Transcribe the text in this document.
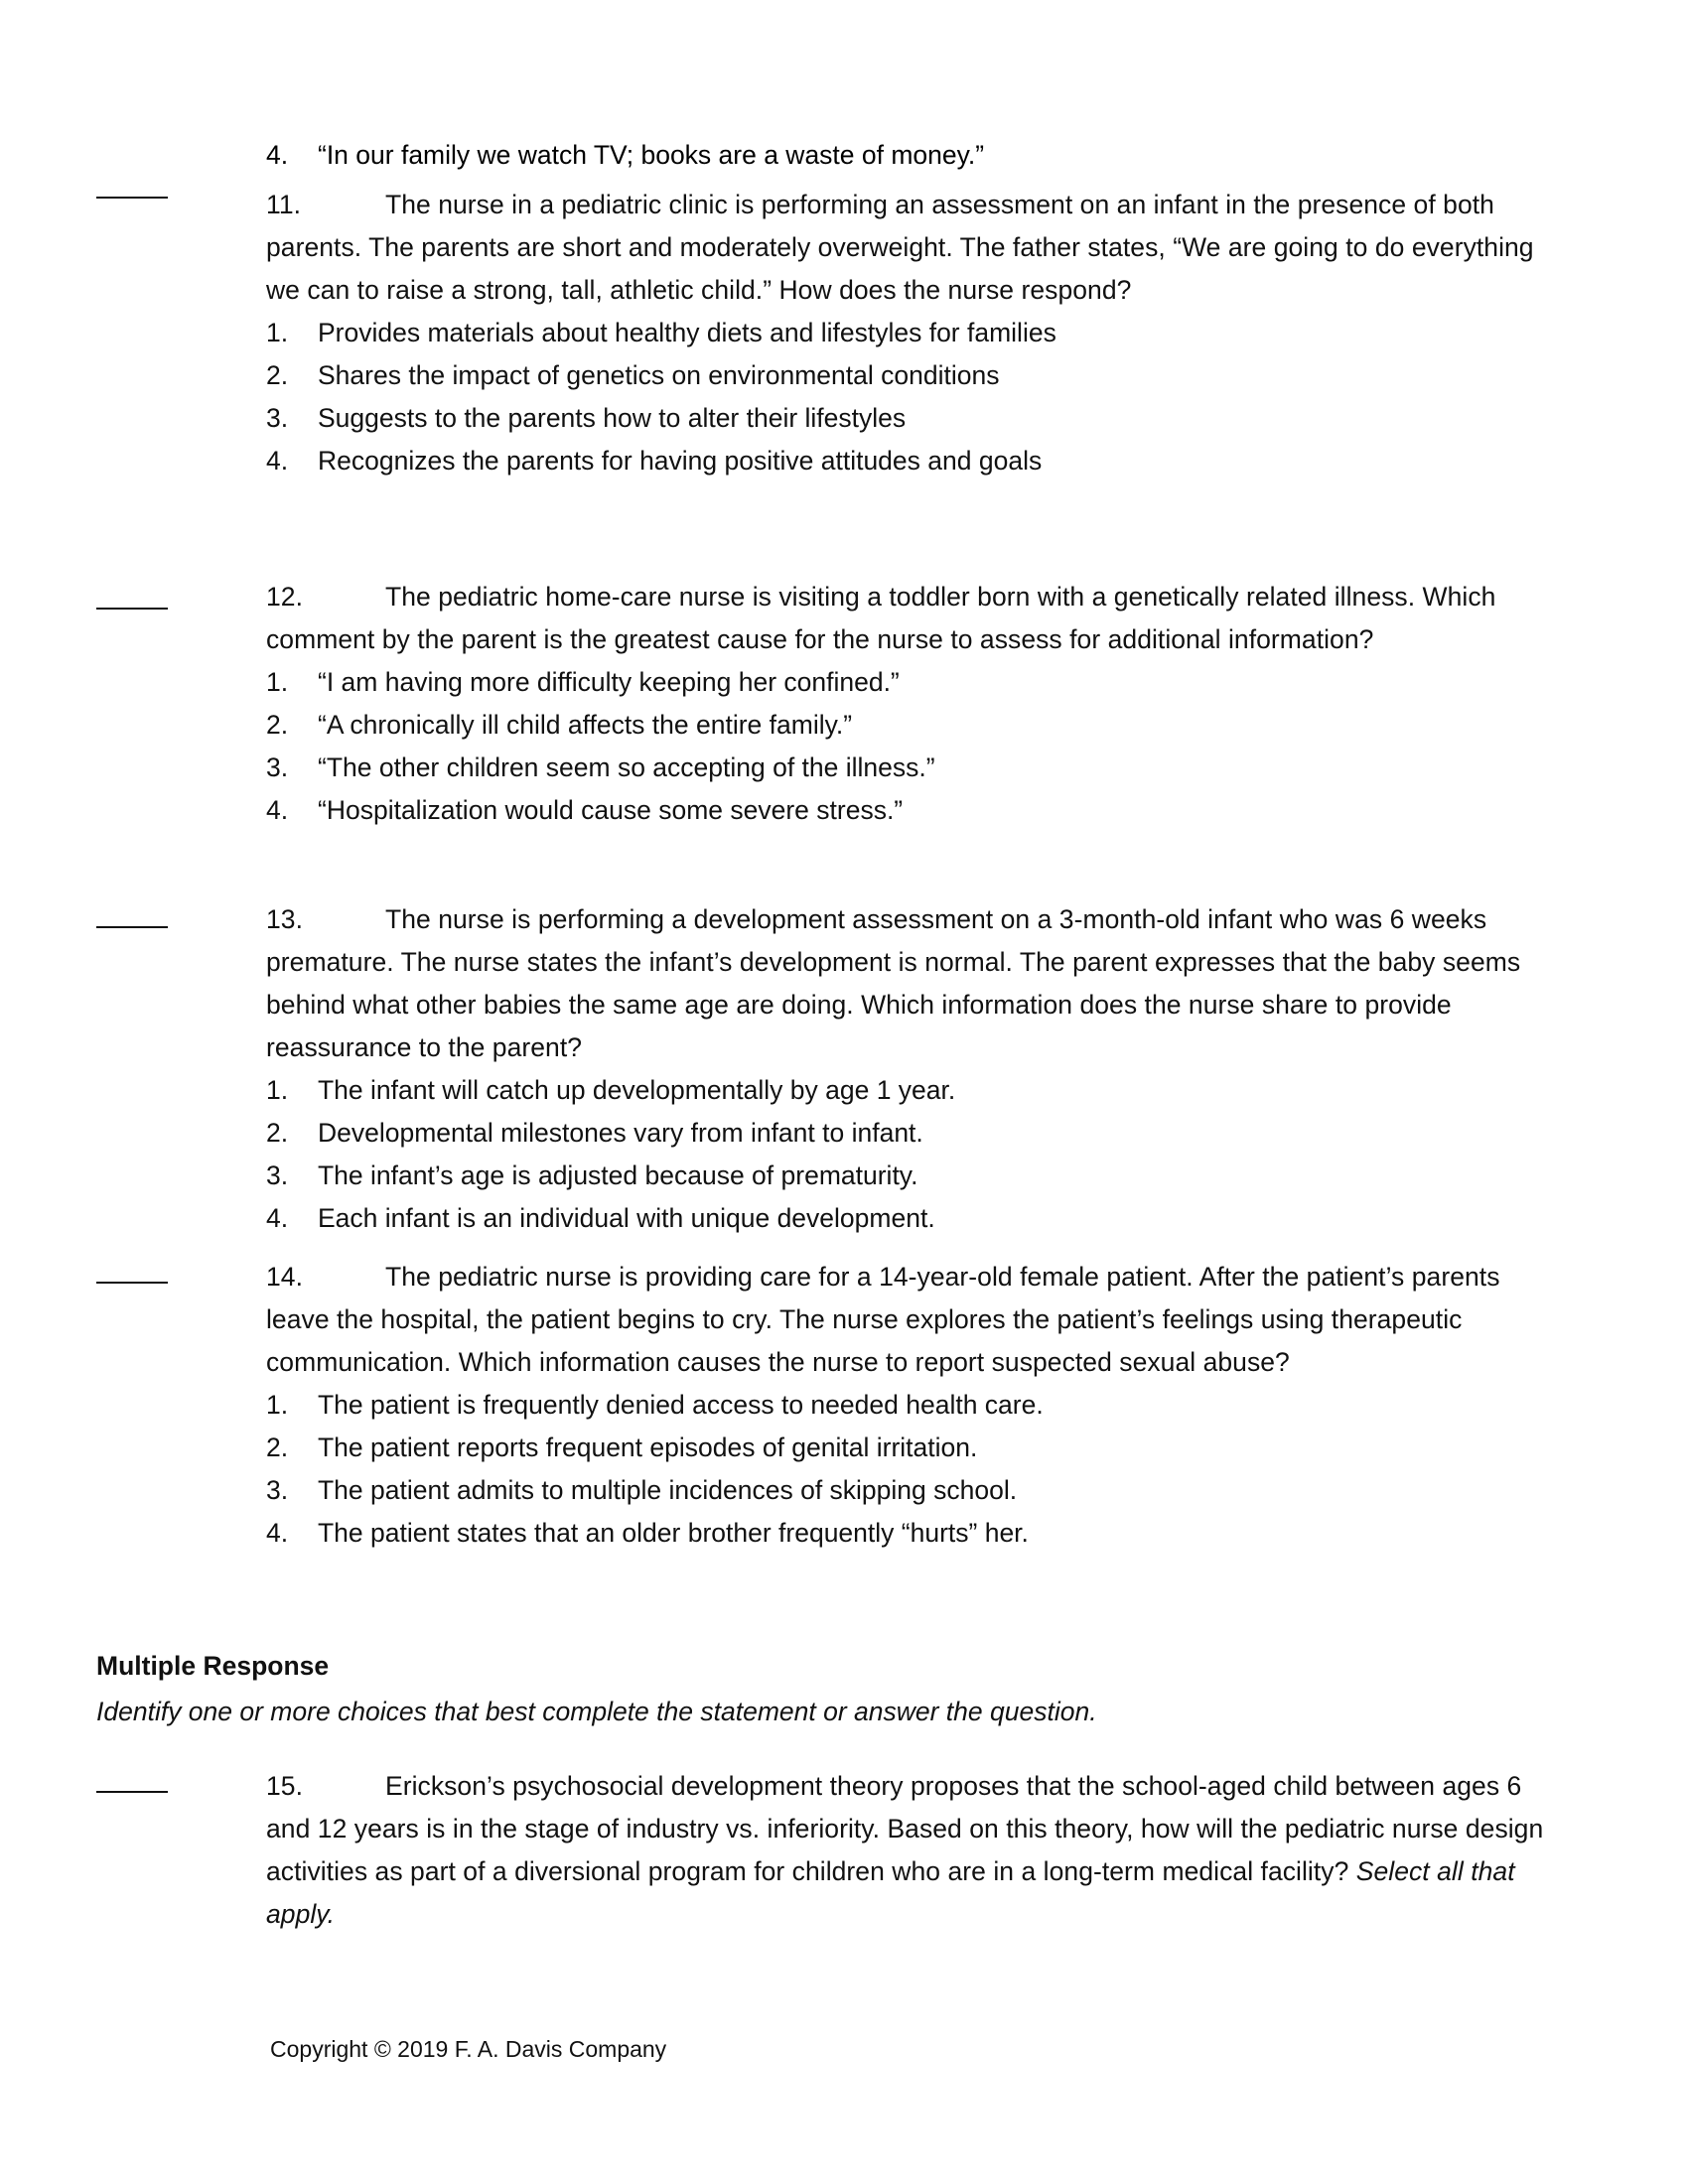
4.	“In our family we watch TV; books are a waste of money.”

11.	The nurse in a pediatric clinic is performing an assessment on an infant in the presence of both parents. The parents are short and moderately overweight. The father states, “We are going to do everything we can to raise a strong, tall, athletic child.” How does the nurse respond?

1.	Provides materials about healthy diets and lifestyles for families
2.	Shares the impact of genetics on environmental conditions
3.	Suggests to the parents how to alter their lifestyles
4.	Recognizes the parents for having positive attitudes and goals

12.	The pediatric home-care nurse is visiting a toddler born with a genetically related illness. Which comment by the parent is the greatest cause for the nurse to assess for additional information?

1.	“I am having more difficulty keeping her confined.”
2.	“A chronically ill child affects the entire family.”
3.	“The other children seem so accepting of the illness.”
4.	“Hospitalization would cause some severe stress.”

13.	The nurse is performing a development assessment on a 3-month-old infant who was 6 weeks premature. The nurse states the infant’s development is normal. The parent expresses that the baby seems behind what other babies the same age are doing. Which information does the nurse share to provide reassurance to the parent?

1.	The infant will catch up developmentally by age 1 year.
2.	Developmental milestones vary from infant to infant.
3.	The infant’s age is adjusted because of prematurity.
4.	Each infant is an individual with unique development.

14.	The pediatric nurse is providing care for a 14-year-old female patient. After the patient’s parents leave the hospital, the patient begins to cry. The nurse explores the patient’s feelings using therapeutic communication. Which information causes the nurse to report suspected sexual abuse?

1.	The patient is frequently denied access to needed health care.
2.	The patient reports frequent episodes of genital irritation.
3.	The patient admits to multiple incidences of skipping school.
4.	The patient states that an older brother frequently “hurts” her.
Multiple Response
Identify one or more choices that best complete the statement or answer the question.

15.	Erickson’s psychosocial development theory proposes that the school-aged child between ages 6 and 12 years is in the stage of industry vs. inferiority. Based on this theory, how will the pediatric nurse design activities as part of a diversional program for children who are in a long-term medical facility? Select all that apply.

Copyright © 2019 F. A. Davis Company
